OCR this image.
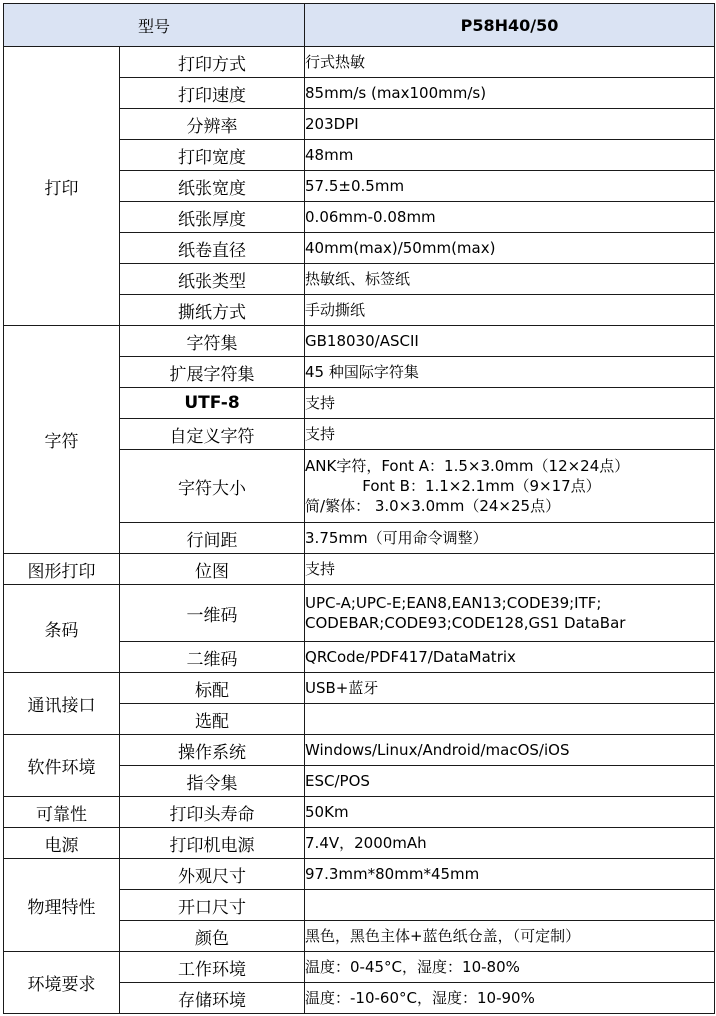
型号		P58H40/50
打印	打印方式	行式热敏

	打印速度	85mm/s (max100mm/s)

	分辨率	203DPI

	打印宽度	48mm

	纸张宽度	57.5±0.5mm

	纸张厚度	0.06mm-0.08mm

	纸卷直径	40mm(max)/50mm(max)

	纸张类型	热敏纸、标签纸

	撕纸方式	手动撕纸

字符	字符集	GB18030/ASCII

	扩展字符集	45 种国际字符集

	UTF-8	支持

	自定义字符	支持

	字符大小	ANK字符，Font A：1.5×3.0mm（12×24点）
Font B：1.1×2.1mm（9×17点）
简/繁体： 3.0×3.0mm（24×25点）

	行间距	3.75mm（可用命令调整）

图形打印	位图	支持

条码	一维码	UPC-A;UPC-E;EAN8,EAN13;CODE39;ITF;
CODEBAR;CODE93;CODE128,GS1 DataBar

	二维码	QRCode/PDF417/DataMatrix

通讯接口	标配	USB+蓝牙

	选配	
软件环境	操作系统	Windows/Linux/Android/macOS/iOS

	指令集	ESC/POS

可靠性	打印头寿命	50Km

电源	打印机电源	7.4V，2000mAh

物理特性	外观尺寸	97.3mm*80mm*45mm

	开口尺寸	
	颜色	黑色，黑色主体+蓝色纸仓盖，（可定制）

环境要求	工作环境	温度：0-45°C，湿度：10-80%

	存储环境	温度：-10-60°C，湿度：10-90%
